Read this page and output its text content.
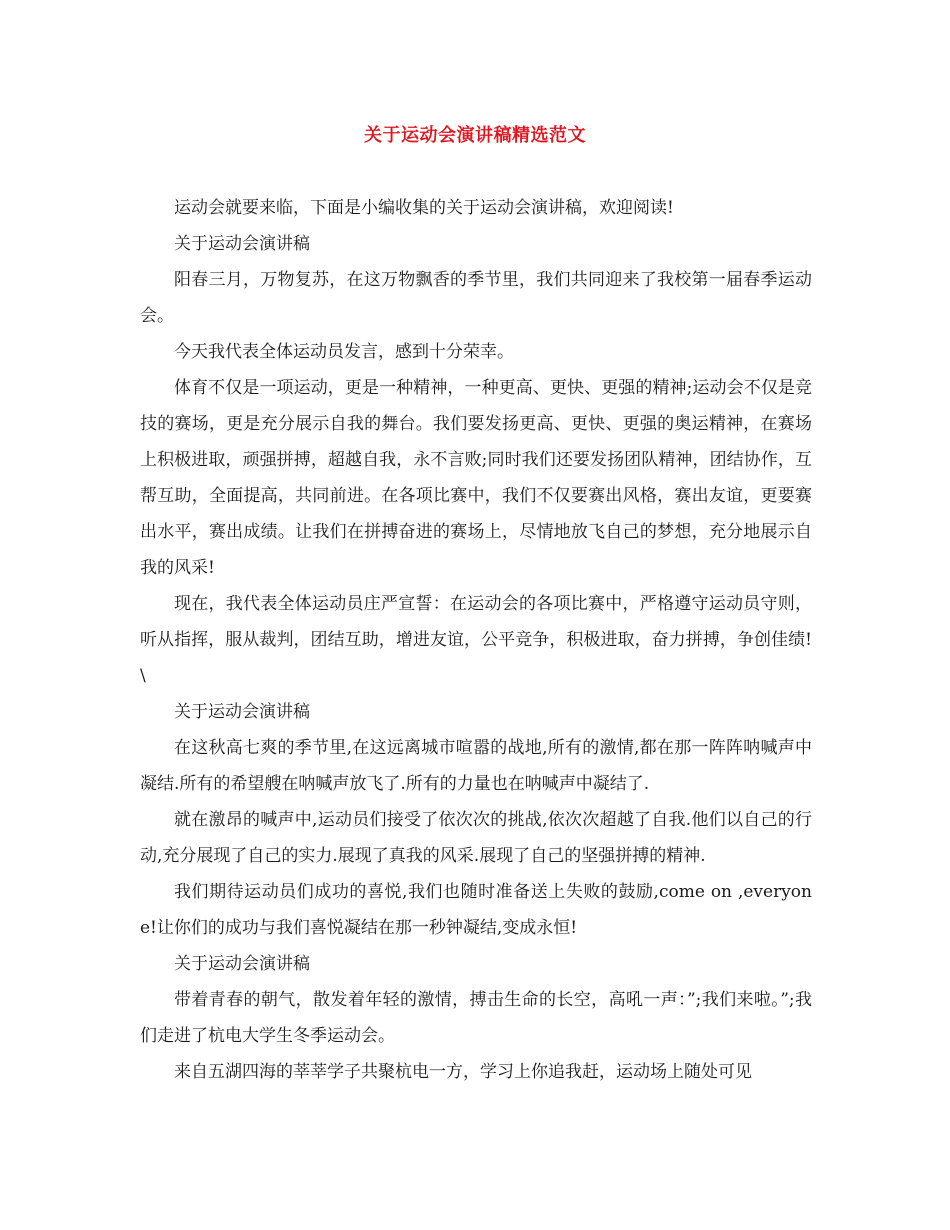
关于运动会演讲稿精选范文

运动会就要来临，下面是小编收集的关于运动会演讲稿，欢迎阅读!

关于运动会演讲稿

阳春三月，万物复苏，在这万物飘香的季节里，我们共同迎来了我校第一届春季运动会。

今天我代表全体运动员发言，感到十分荣幸。

体育不仅是一项运动，更是一种精神，一种更高、更快、更强的精神;运动会不仅是竞技的赛场，更是充分展示自我的舞台。我们要发扬更高、更快、更强的奥运精神，在赛场上积极进取，顽强拼搏，超越自我，永不言败;同时我们还要发扬团队精神，团结协作，互帮互助，全面提高，共同前进。在各项比赛中，我们不仅要赛出风格，赛出友谊，更要赛出水平，赛出成绩。让我们在拼搏奋进的赛场上，尽情地放飞自己的梦想，充分地展示自我的风采!

现在，我代表全体运动员庄严宣誓：在运动会的各项比赛中，严格遵守运动员守则，听从指挥，服从裁判，团结互助，增进友谊，公平竞争，积极进取，奋力拼搏，争创佳绩!\

关于运动会演讲稿

在这秋高七爽的季节里,在这远离城市喧嚣的战地,所有的激情,都在那一阵阵呐喊声中凝结.所有的希望艘在呐喊声放飞了.所有的力量也在呐喊声中凝结了.

就在激昂的喊声中,运动员们接受了依次次的挑战,依次次超越了自我.他们以自己的行动,充分展现了自己的实力.展现了真我的风采.展现了自己的坚强拼搏的精神.

我们期待运动员们成功的喜悦,我们也随时准备送上失败的鼓励,come on ,everyone!让你们的成功与我们喜悦凝结在那一秒钟凝结,变成永恒!

关于运动会演讲稿

带着青春的朝气，散发着年轻的激情，搏击生命的长空，高吼一声：”;我们来啦。”;我们走进了杭电大学生冬季运动会。

来自五湖四海的莘莘学子共聚杭电一方，学习上你追我赶，运动场上随处可见
